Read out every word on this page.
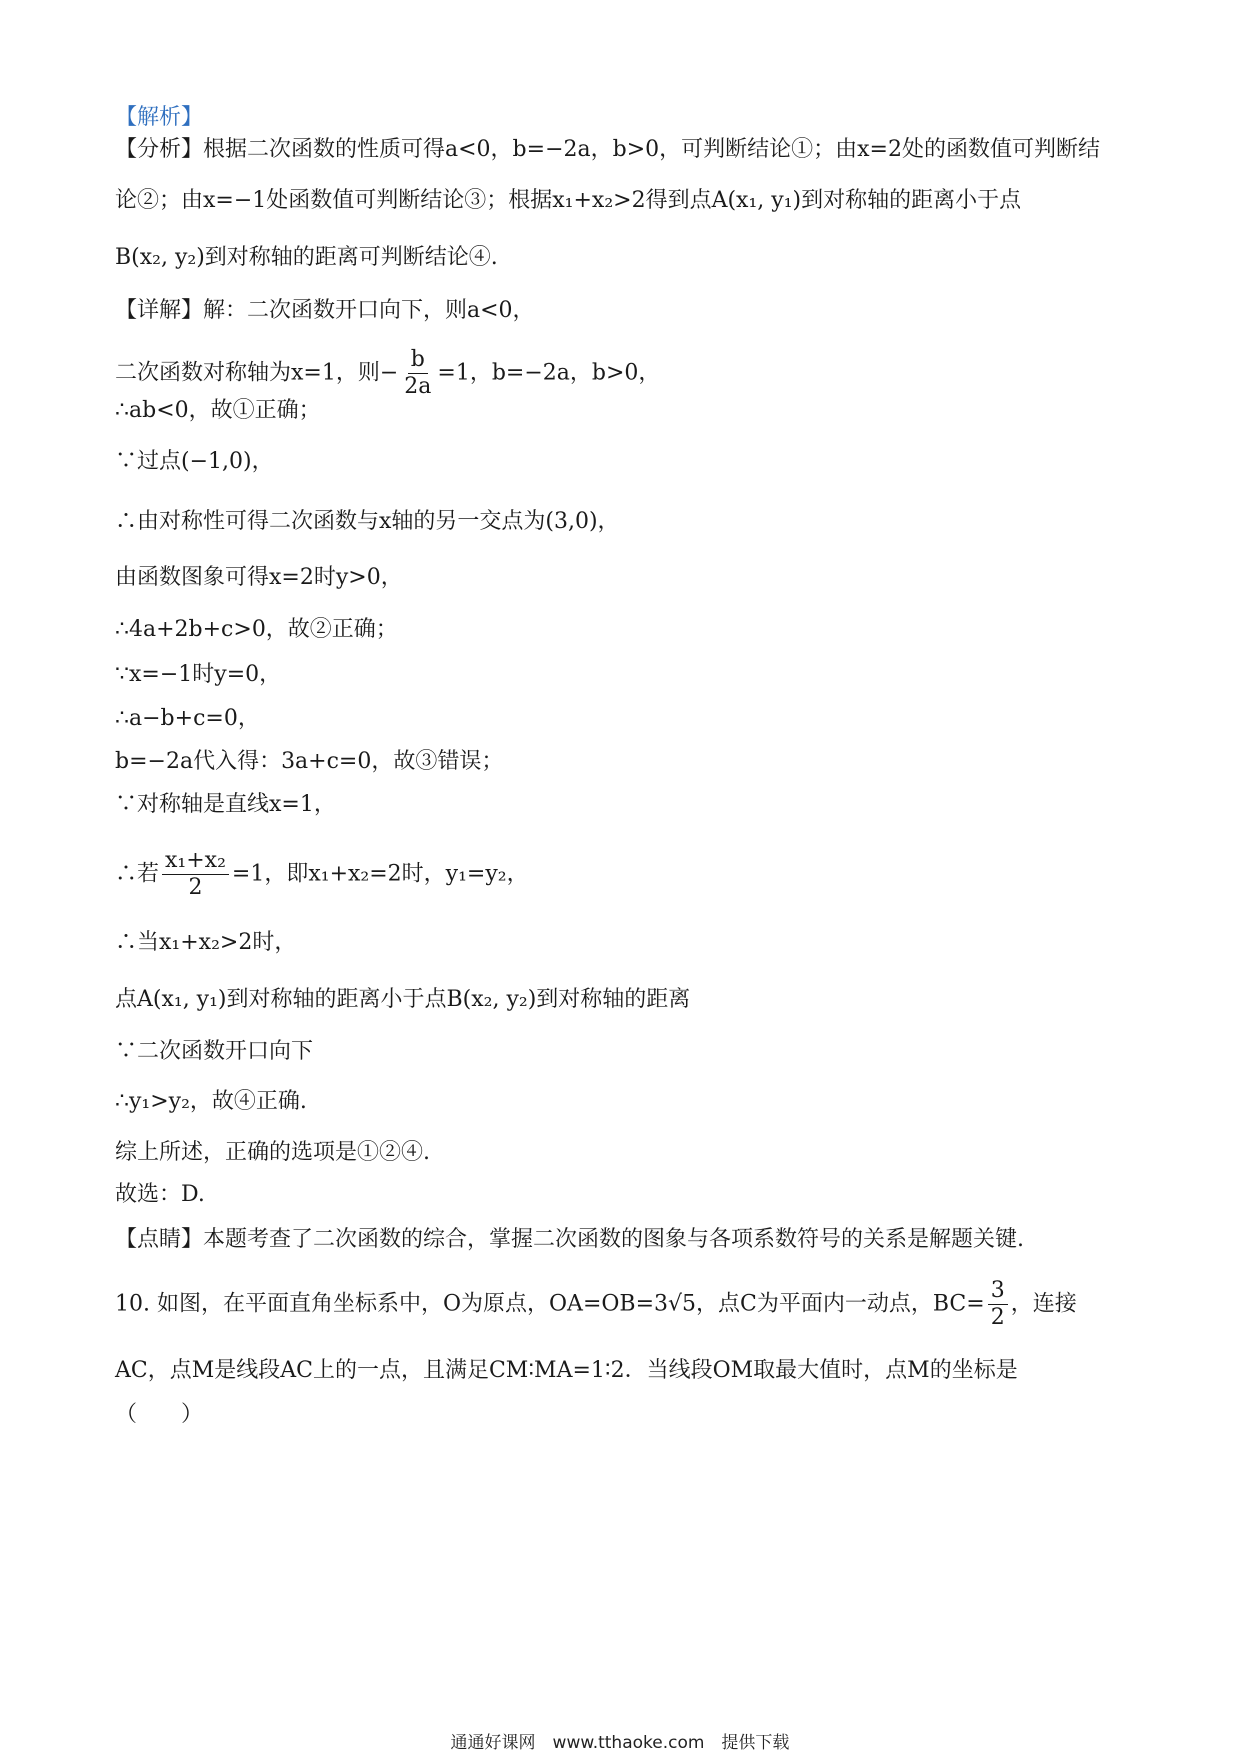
【解析】
【分析】根据二次函数的性质可得a<0，b=−2a，b>0，可判断结论①；由x=2处的函数值可判断结
论②；由x=−1处函数值可判断结论③；根据x₁+x₂>2得到点A(x₁, y₁)到对称轴的距离小于点
B(x₂, y₂)到对称轴的距离可判断结论④.
【详解】解：二次函数开口向下，则a<0，
二次函数对称轴为x=1，则− $\frac{b}{2a} =1$，b=−2a，b>0，
∴ab<0，故①正确；
∵过点(−1,0)，
∴由对称性可得二次函数与x轴的另一交点为(3,0)，
由函数图象可得x=2时y>0，
∴4a+2b+c>0，故②正确；
∵x=−1时y=0，
∴a−b+c=0，
b=−2a代入得：3a+c=0，故③错误；
∵对称轴是直线x=1，
∴若 $\frac{\text{x₁+x₂}}{2} =1$，即x₁+x₂=2时，y₁=y₂，
∴当x₁+x₂>2时，
点A(x₁, y₁)到对称轴的距离小于点B(x₂, y₂)到对称轴的距离
∵二次函数开口向下
∴y₁>y₂，故④正确.
综上所述，正确的选项是①②④.
故选：D.
【点睛】本题考查了二次函数的综合，掌握二次函数的图象与各项系数符号的关系是解题关键.
10. 如图，在平面直角坐标系中，O为原点，OA=OB=3√5，点C为平面内一动点，$BC= \frac{3}{2}$ ，连接
AC，点M是线段AC上的一点，且满足CM∶MA=1∶2．当线段OM取最大值时，点M的坐标是
（　　）
通通好课网　www.tthaoke.com　提供下载
